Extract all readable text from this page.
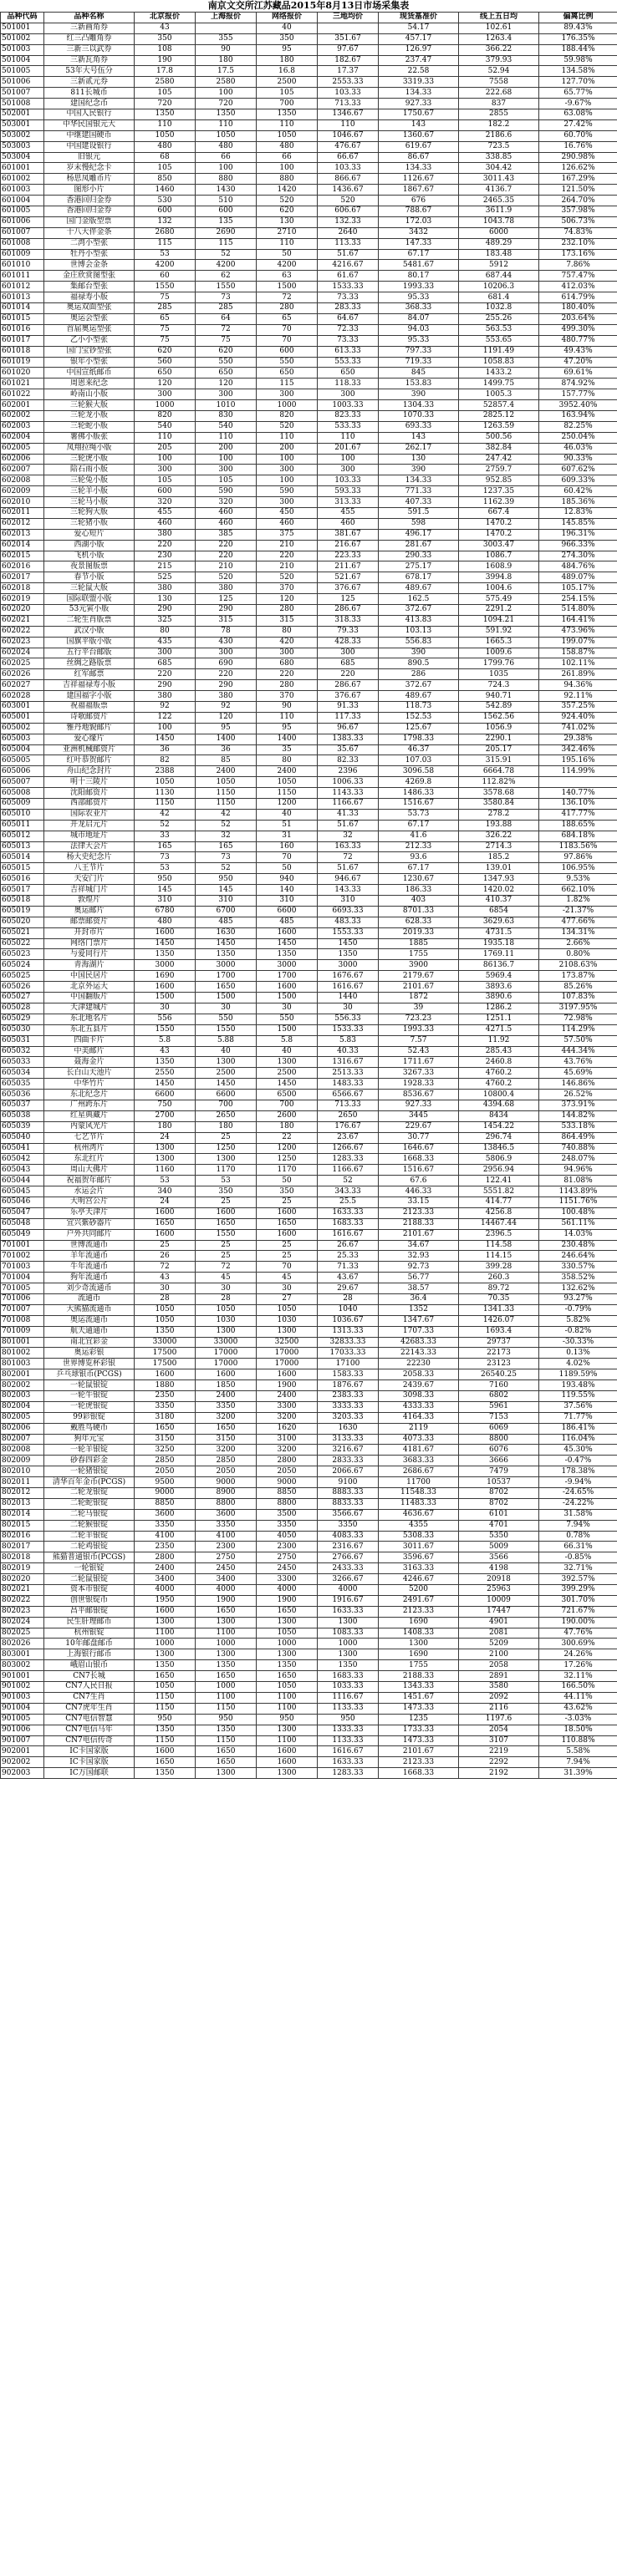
南京文交所江苏藏品2015年8月13日市场采集表
品种代码	品种名称	北京报价	上海报价	网络报价	三地均价	现货基准价	线上五日均	偏离比例
501001	三新画角券	43		40		54.17	102.61	89.43%
501002	红三凸雕角券	350	355	350	351.67	457.17	1263.4	176.35%
501003	三新三以武券	108	90	95	97.67	126.97	366.22	188.44%
501004	三新瓦角券	190	180	180	182.67	237.47	379.93	59.98%
501005	53年大号伍分	17.8	17.5	16.8	17.37	22.58	52.94	134.58%
501006	三新贰元券	2580	2580	2500	2553.33	3319.33	7558	127.70%
501007	811长城币	105	100	105	103.33	134.33	222.68	65.77%
501008	建国纪念币	720	720	700	713.33	927.33	837	-9.67%
502001	中国人民银行	1350	1350	1350	1346.67	1750.67	2855	63.08%
503001	中华民国银元大	110	110	110	110	143	182.2	27.42%
503002	中继建国硬币	1050	1050	1050	1046.67	1360.67	2186.6	60.70%
503003	中国建设银行	480	480	480	476.67	619.67	723.5	16.76%
503004	旧银元	68	66	66	66.67	86.67	338.85	290.98%
601001	岁末慢纪念卡	105	100	100	103.33	134.33	304.42	126.62%
601002	杨思凤雕币片	850	880	880	866.67	1126.67	3011.43	167.29%
601003	图形小片	1460	1430	1420	1436.67	1867.67	4136.7	121.50%
601004	香港回归金券	530	510	520	520	676	2465.35	264.70%
601005	香港回归金券	600	600	620	606.67	788.67	3611.9	357.98%
601006	国门金版型票	132	135	130	132.33	172.03	1043.78	506.73%
601007	十八大伴金条	2680	2690	2710	2640	3432	6000	74.83%
601008	二湾小型张	115	115	110	113.33	147.33	489.29	232.10%
601009	牡丹小型张	53	52	50	51.67	67.17	183.48	173.16%
601010	世博会金条	4200	4200	4200	4216.67	5481.67	5912	7.86%
601011	金庄欣赏图型张	60	62	63	61.67	80.17	687.44	757.47%
601012	集邮台型张	1550	1550	1500	1533.33	1993.33	10206.3	412.03%
601013	福禄寿小版	75	73	72	73.33	95.33	681.4	614.79%
601014	奥运双面型张	285	285	280	283.33	368.33	1032.8	180.40%
601015	奥运会型张	65	64	65	64.67	84.07	255.26	203.64%
601016	首届奥运型张	75	72	70	72.33	94.03	563.53	499.30%
601017	乙小小型张	75	75	70	73.33	95.33	553.65	480.77%
601018	国门宝钞型张	620	620	600	613.33	797.33	1191.49	49.43%
601019	银年小型张	560	550	550	553.33	719.33	1058.83	47.20%
601020	中国宣纸邮币	650	650	650	650	845	1433.2	69.61%
601021	周恩来纪念	120	120	115	118.33	153.83	1499.75	874.92%
601022	岭南山小版	300	300	300	300	390	1005.3	157.77%
602001	三轮猴大版	1000	1010	1000	1003.33	1304.33	52857.4	3952.40%
602002	三轮龙小版	820	830	820	823.33	1070.33	2825.12	163.94%
602003	三轮蛇小版	540	540	520	533.33	693.33	1263.59	82.25%
602004	薯佛小版张	110	110	110	110	143	500.56	250.04%
602005	凤翔拉绳小版	205	200	200	201.67	262.17	382.84	46.03%
602006	三轮虎小版	100	100	100	100	130	247.42	90.33%
602007	陪石雨小版	300	300	300	300	390	2759.7	607.62%
602008	三轮兔小版	105	105	100	103.33	134.33	952.85	609.33%
602009	三轮羊小版	600	590	590	593.33	771.33	1237.35	60.42%
602010	三轮马小版	320	320	300	313.33	407.33	1162.39	185.36%
602011	三轮狗大版	455	460	450	455	591.5	667.4	12.83%
602012	三轮猪小版	460	460	460	460	598	1470.2	145.85%
602013	爱心短片	380	385	375	381.67	496.17	1470.2	196.31%
602014	西湖小版	220	220	210	216.67	281.67	3003.47	966.33%
602015	飞机小版	230	220	220	223.33	290.33	1086.7	274.30%
602016	夜景图版票	215	210	210	211.67	275.17	1608.9	484.76%
602017	春节小版	525	520	520	521.67	678.17	3994.8	489.07%
602018	三轮鼠大版	380	380	370	376.67	489.67	1004.6	105.17%
602019	国际联盟小版	130	125	120	125	162.5	575.49	254.15%
602020	53元寅小版	290	290	280	286.67	372.67	2291.2	514.80%
602021	二轮生肖版票	325	315	315	318.33	413.83	1094.21	164.41%
602022	武汉小版	80	78	80	79.33	103.13	591.92	473.96%
602023	国旗平版小版	435	430	420	428.33	556.83	1665.3	199.07%
602024	五行平台邮版	300	300	300	300	390	1009.6	158.87%
602025	丝绸之路版票	685	690	680	685	890.5	1799.76	102.11%
602026	红军邮票	220	220	220	220	286	1035	261.89%
602027	吉祥福禄寿小版	290	290	280	286.67	372.67	724.3	94.36%
602028	建国福字小版	380	380	370	376.67	489.67	940.71	92.11%
603001	祝福福版票	92	92	90	91.33	118.73	542.89	357.25%
605001	诗歌邮资片	122	120	110	117.33	152.53	1562.56	924.40%
605002	雅丹地貌邮片	100	95	95	96.67	125.67	1056.9	741.02%
605003	爱心缘片	1450	1400	1400	1383.33	1798.33	2290.1	29.38%
605004	亚洲机械邮资片	36	36	35	35.67	46.37	205.17	342.46%
605005	红叶恭贺邮片	82	85	80	82.33	107.03	315.91	195.16%
605006	舟山纪念封片	2388	2400	2400	2396	3096.58	6664.78	114.99%
605007	明十三陵片	1050	1050	1050	1006.33	4269.8	112.82%	
605008	沈阳邮资片	1130	1150	1150	1143.33	1486.33	3578.68	140.77%
605009	西部邮资片	1150	1150	1200	1166.67	1516.67	3580.84	136.10%
605010	国际农业片	42	42	40	41.33	53.73	278.2	417.77%
605011	开龙启元片	52	52	51	51.67	67.17	193.88	188.65%
605012	城市地址片	33	32	31	32	41.6	326.22	684.18%
605013	法律大会片	165	165	160	163.33	212.33	2714.3	1183.56%
605014	杨大史纪念片	73	73	70	72	93.6	185.2	97.86%
605015	八王节片	53	52	50	51.67	67.17	139.01	106.95%
605016	天安门片	950	950	940	946.67	1230.67	1347.93	9.53%
605017	吉祥城门片	145	145	140	143.33	186.33	1420.02	662.10%
605018	敦煌片	310	310	310	310	403	410.37	1.82%
605019	奥运邮片	6780	6700	6600	6693.33	8701.33	6854	-21.37%
605020	邮票邮资片	480	485	485	483.33	628.33	3629.63	477.66%
605021	开封市片	1600	1630	1600	1553.33	2019.33	4731.5	134.31%
605022	网络门票片	1450	1450	1450	1450	1885	1935.18	2.66%
605023	与爱同行片	1350	1350	1350	1350	1755	1769.11	0.80%
605024	青海湖片	3000	3000	3000	3000	3900	86136.7	2108.63%
605025	中国民居片	1690	1700	1700	1676.67	2179.67	5969.4	173.87%
605026	北京外运大	1600	1650	1600	1616.67	2101.67	3893.6	85.26%
605027	中国翻版片	1500	1500	1500	1440	1872	3890.6	107.83%
605028	天津建城片	30	30	30	30	39	1286.2	3197.95%
605029	东北地名片	556	550	550	556.33	723.23	1251.1	72.98%
605030	东北五县片	1550	1550	1500	1533.33	1993.33	4271.5	114.29%
605031	四曲卡片	5.8	5.88	5.8	5.83	7.57	11.92	57.50%
605032	中美邮片	43	40	40	40.33	52.43	285.43	444.34%
605033	聂海金片	1350	1300	1300	1316.67	1711.67	2460.8	43.76%
605034	长白山天池片	2550	2500	2500	2513.33	3267.33	4760.2	45.69%
605035	中华竹片	1450	1450	1450	1483.33	1928.33	4760.2	146.86%
605036	东北纪念片	6600	6600	6500	6566.67	8536.67	10800.4	26.52%
605037	广州跨东片	750	700	700	713.33	927.33	4394.68	373.91%
605038	红星典藏片	2700	2650	2600	2650	3445	8434	144.82%
605039	内蒙风光片	180	180	180	176.67	229.67	1454.22	533.18%
605040	七艺节片	24	25	22	23.67	30.77	296.74	864.49%
605041	杭州湾片	1300	1250	1200	1266.67	1646.67	13846.5	740.88%
605042	东北红片	1300	1300	1250	1283.33	1668.33	5806.9	248.07%
605043	周山大佛片	1160	1170	1170	1166.67	1516.67	2956.94	94.96%
605044	祝福贺年邮片	53	53	50	52	67.6	122.41	81.08%
605045	水运会片	340	350	350	343.33	446.33	5551.82	1143.89%
605046	大明宫公片	24	25	25	25.5	33.15	414.77	1151.76%
605047	乐亭天津片	1600	1600	1600	1633.33	2123.33	4256.8	100.48%
605048	宜兴紫砂器片	1650	1650	1650	1683.33	2188.33	14467.44	561.11%
605049	户外共同邮片	1600	1550	1600	1616.67	2101.67	2396.5	14.03%
701001	世博流通币	25	25	25	26.67	34.67	114.58	230.48%
701002	羊年流通币	26	25	25	25.33	32.93	114.15	246.64%
701003	牛年流通币	72	72	70	71.33	92.73	399.28	330.57%
701004	狗年流通币	43	45	45	43.67	56.77	260.3	358.52%
701005	刘少奇流通币	30	30	30	29.67	38.57	89.72	132.62%
701006	流通币	28	28	27	28	36.4	70.35	93.27%
701007	大熊猫流通币	1050	1050	1050	1040	1352	1341.33	-0.79%
701008	奥运流通币	1050	1030	1030	1036.67	1347.67	1426.07	5.82%
701009	航天通通币	1350	1300	1300	1313.33	1707.33	1693.4	-0.82%
801001	南北宜彩金	33000	33000	32500	32833.33	42683.33	29737	-30.33%
801002	奥运彩银	17500	17000	17000	17033.33	22143.33	22173	0.13%
801003	世界博览杯彩银	17500	17000	17000	17100	22230	23123	4.02%
802001	乒乓球银币(PCGS)	1600	1600	1600	1583.33	2058.33	26540.25	1189.59%
802002	一轮鼠银锭	1880	1850	1900	1876.67	2439.67	7160	193.48%
802003	一轮牛银锭	2350	2400	2400	2383.33	3098.33	6802	119.55%
802004	一轮虎银锭	3350	3350	3300	3333.33	4333.33	5961	37.56%
802005	99彩银锭	3180	3200	3200	3203.33	4164.33	7153	71.77%
802006	戴胜鸟硬币	1650	1650	1620	1630	2119	6069	186.41%
802007	狗年元宝	3150	3150	3100	3133.33	4073.33	8800	116.04%
802008	一轮羊银锭	3250	3200	3200	3216.67	4181.67	6076	45.30%
802009	砂春四彩金	2850	2850	2800	2833.33	3683.33	3666	-0.47%
802010	一轮猪银锭	2050	2050	2050	2066.67	2686.67	7479	178.38%
802011	清华百年金币(PCGS)	9500	9000	9000	9100	11700	10537	-9.94%
802012	二轮龙银锭	9000	8900	8850	8883.33	11548.33	8702	-24.65%
802013	二轮蛇银锭	8850	8800	8800	8833.33	11483.33	8702	-24.22%
802014	二轮马银锭	3600	3600	3500	3566.67	4636.67	6101	31.58%
802015	二轮猴银锭	3350	3350	3350	3350	4355	4701	7.94%
802016	二轮羊银锭	4100	4100	4050	4083.33	5308.33	5350	0.78%
802017	二轮鸡银锭	2350	2300	2300	2316.67	3011.67	5009	66.31%
802018	熊猫普通银币(PCGS)	2800	2750	2750	2766.67	3596.67	3566	-0.85%
802019	一轮银锭	2400	2450	2450	2433.33	3163.33	4198	32.71%
802020	二轮鼠银锭	3400	3400	3300	3266.67	4246.67	20918	392.57%
802021	资本市银锭	4000	4000	4000	4000	5200	25963	399.29%
802022	创世银锭币	1950	1900	1900	1916.67	2491.67	10009	301.70%
802023	昌平邮银锭	1600	1650	1650	1633.33	2123.33	17447	721.67%
802024	民生肝理邮币	1300	1300	1300	1300	1690	4901	190.00%
802025	杭州银锭	1100	1100	1050	1083.33	1408.33	2081	47.76%
802026	10年邮盘邮币	1000	1000	1000	1000	1300	5209	300.69%
803001	上海银行邮币	1300	1300	1300	1300	1690	2100	24.26%
803002	峨眉山银币	1350	1350	1350	1350	1755	2058	17.26%
901001	CN7长城	1650	1650	1650	1683.33	2188.33	2891	32.11%
901002	CN7人民日报	1050	1000	1050	1033.33	1343.33	3580	166.50%
901003	CN7生肖	1150	1100	1100	1116.67	1451.67	2092	44.11%
901004	CN7虎年生肖	1150	1150	1100	1133.33	1473.33	2116	43.62%
901005	CN7电信智慧	950	950	950	950	1235	1197.6	-3.03%
901006	CN7电信马年	1350	1350	1300	1333.33	1733.33	2054	18.50%
901007	CN7电信传奇	1150	1150	1100	1133.33	1473.33	3107	110.88%
902001	IC卡国家版	1600	1650	1600	1616.67	2101.67	2219	5.58%
902002	IC卡国家版	1650	1650	1600	1633.33	2123.33	2292	7.94%
902003	IC万国邮联	1350	1300	1300	1283.33	1668.33	2192	31.39%
